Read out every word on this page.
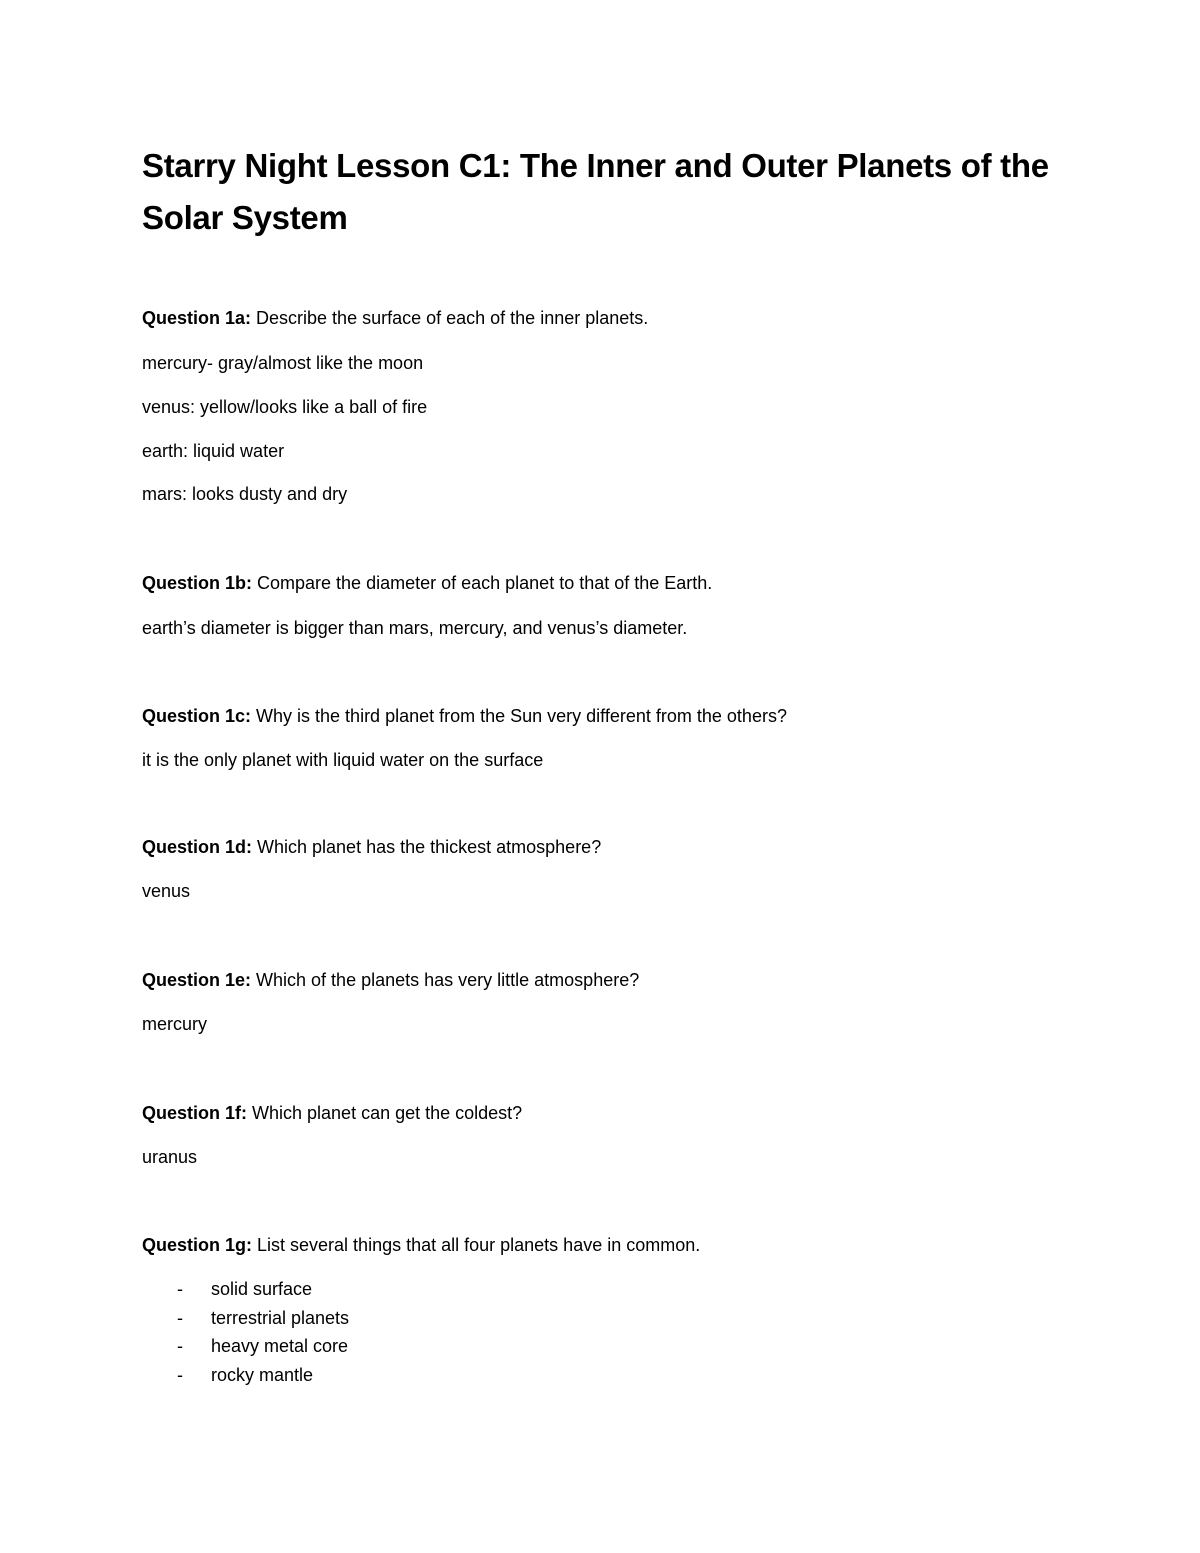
Starry Night Lesson C1: The Inner and Outer Planets of the Solar System

Question 1a: Describe the surface of each of the inner planets.

mercury- gray/almost like the moon

venus: yellow/looks like a ball of fire

earth: liquid water

mars: looks dusty and dry

Question 1b: Compare the diameter of each planet to that of the Earth.

earth’s diameter is bigger than mars, mercury, and venus’s diameter.

Question 1c: Why is the third planet from the Sun very different from the others?

it is the only planet with liquid water on the surface

Question 1d: Which planet has the thickest atmosphere?

venus

Question 1e: Which of the planets has very little atmosphere?

mercury

Question 1f: Which planet can get the coldest?

uranus

Question 1g: List several things that all four planets have in common.

- solid surface
- terrestrial planets
- heavy metal core
- rocky mantle
